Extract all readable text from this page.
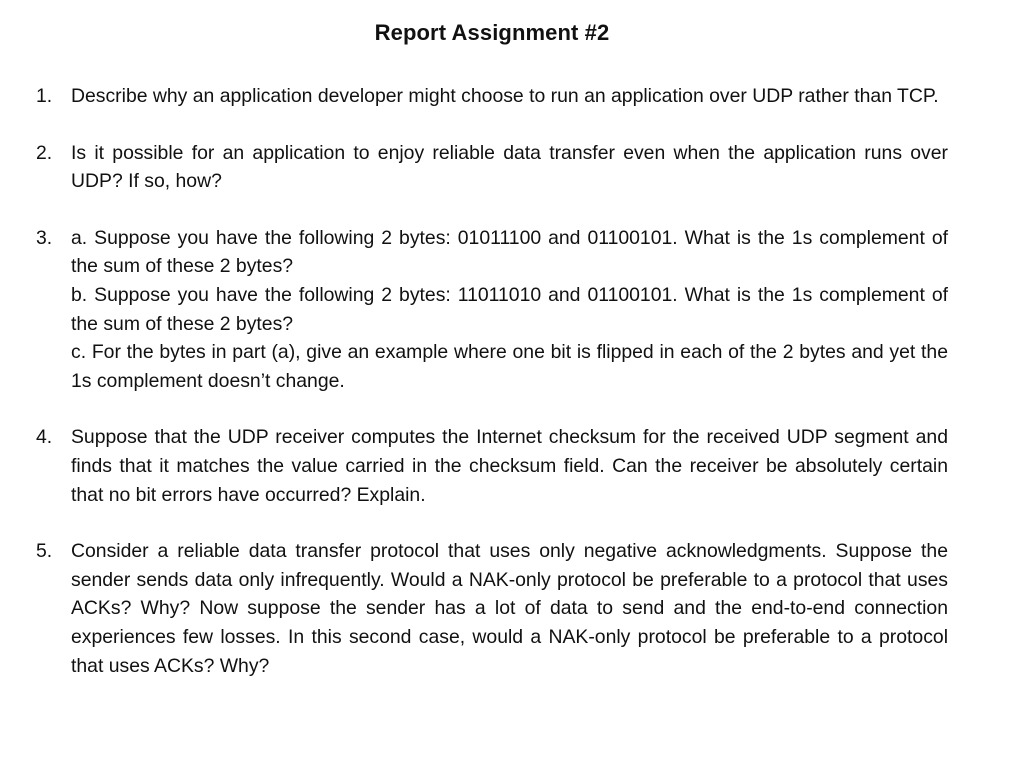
Report Assignment #2
1. Describe why an application developer might choose to run an application over UDP rather than TCP.

2. Is it possible for an application to enjoy reliable data transfer even when the application runs over UDP? If so, how?

3. a. Suppose you have the following 2 bytes: 01011100 and 01100101. What is the 1s complement of the sum of these 2 bytes?

b. Suppose you have the following 2 bytes: 11011010 and 01100101. What is the 1s complement of the sum of these 2 bytes?

c. For the bytes in part (a), give an example where one bit is flipped in each of the 2 bytes and yet the 1s complement doesn’t change.

4. Suppose that the UDP receiver computes the Internet checksum for the received UDP segment and finds that it matches the value carried in the checksum field. Can the receiver be absolutely certain that no bit errors have occurred? Explain.

5. Consider a reliable data transfer protocol that uses only negative acknowledgments. Suppose the sender sends data only infrequently. Would a NAK-only protocol be preferable to a protocol that uses ACKs? Why? Now suppose the sender has a lot of data to send and the end-to-end connection experiences few losses. In this second case, would a NAK-only protocol be preferable to a protocol that uses ACKs? Why?
